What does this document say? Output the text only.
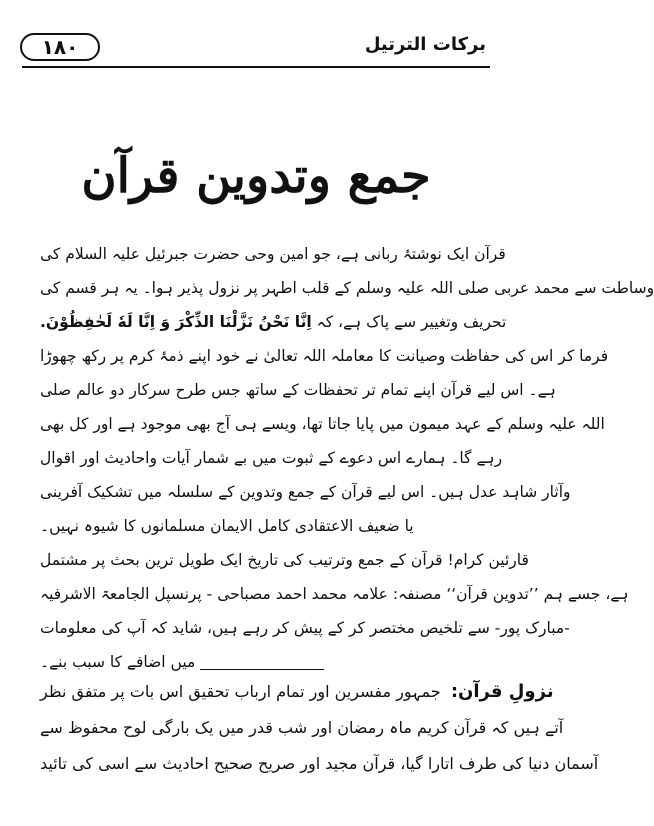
۱۸۰	برکات الترتیل
جمع وتدوین قرآن

قرآن ایک نوشتۂ ربانی ہے، جو امین وحی حضرت جبرئیل علیہ السلام کی

وساطت سے محمد عربی صلی اللہ علیہ وسلم کے قلب اطہر پر نزول پذیر ہوا۔ یہ ہر قسم کی

تحریف وتغییر سے پاک ہے، کہ

اِنَّا نَحْنُ نَزَّلْنَا الذِّكْرَ وَ اِنَّا لَهٗ لَحٰفِظُوْنَ.

فرما کر اس کی حفاظت وصیانت کا معاملہ اللہ تعالیٰ نے خود اپنے ذمۂ کرم پر رکھ چھوڑا

ہے۔ اس لیے قرآن اپنے تمام تر تحفظات کے ساتھ جس طرح سرکار دو عالم صلی

اللہ علیہ وسلم کے عہد میمون میں پایا جاتا تھا، ویسے ہی آج بھی موجود ہے اور کل بھی

رہے گا۔ ہمارے اس دعوے کے ثبوت میں بے شمار آیات واحادیث اور اقوال

وآثار شاہد عدل ہیں۔ اس لیے قرآن کے جمع وتدوین کے سلسلہ میں تشکیک آفرینی

یا ضعیف الاعتقادی کامل الایمان مسلمانوں کا شیوہ نہیں۔

قارئین کرام! قرآن کے جمع وترتیب کی تاریخ ایک طویل ترین بحث پر مشتمل

ہے، جسے ہم ’’تدوین قرآن‘‘ مصنفہ: علامہ محمد احمد مصباحی - پرنسپل الجامعۃ الاشرفیہ

-مبارک پور- سے تلخیص مختصر کر کے پیش کر رہے ہیں، شاید کہ آپ کی معلومات

میں اضافے کا سبب بنے۔

نزولِ قرآن:

جمہور مفسرین اور تمام ارباب تحقیق اس بات پر متفق نظر

آتے ہیں کہ قرآن کریم ماہ رمضان اور شب قدر میں یک بارگی لوح محفوظ سے

آسمان دنیا کی طرف اتارا گیا، قرآن مجید اور صریح صحیح احادیث سے اسی کی تائید
